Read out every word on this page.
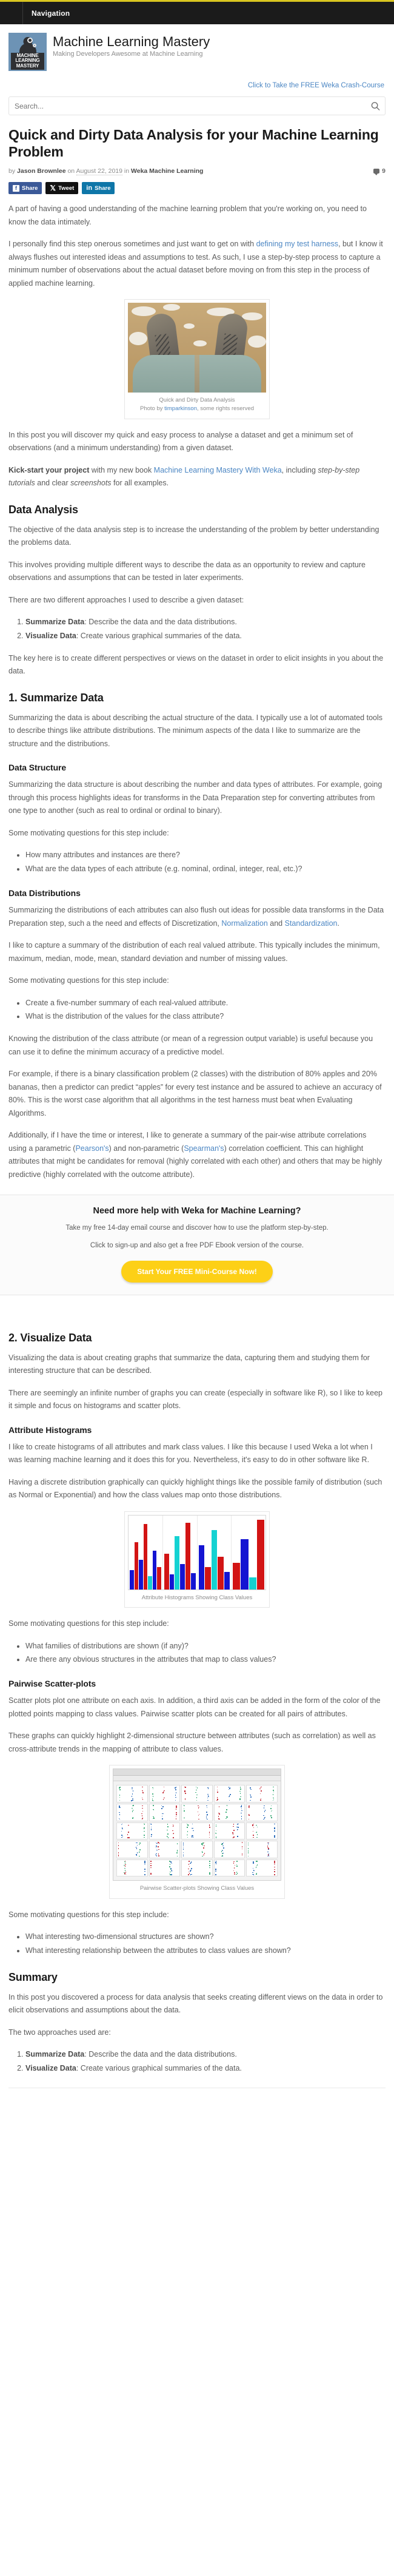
Navigation
MACHINE
LEARNING
MASTERY
Machine Learning Mastery
Making Developers Awesome at Machine Learning
Click to Take the FREE Weka Crash-Course
Search...
Quick and Dirty Data Analysis for your Machine Learning Problem
by Jason Brownlee on August 22, 2019 in Weka Machine Learning	9
f Share 𝕏 Tweet in Share

A part of having a good understanding of the machine learning problem that you're working on, you need to know the data intimately.

I personally find this step onerous sometimes and just want to get on with defining my test harness, but I know it always flushes out interested ideas and assumptions to test. As such, I use a step-by-step process to capture a minimum number of observations about the actual dataset before moving on from this step in the process of applied machine learning.

Quick and Dirty Data Analysis
Photo by timparkinson, some rights reserved

In this post you will discover my quick and easy process to analyse a dataset and get a minimum set of observations (and a minimum understanding) from a given dataset.

Kick-start your project with my new book Machine Learning Mastery With Weka, including step-by-step tutorials and clear screenshots for all examples.

Data Analysis

The objective of the data analysis step is to increase the understanding of the problem by better understanding the problems data.

This involves providing multiple different ways to describe the data as an opportunity to review and capture observations and assumptions that can be tested in later experiments.

There are two different approaches I used to describe a given dataset:

1. Summarize Data: Describe the data and the data distributions.
2. Visualize Data: Create various graphical summaries of the data.

The key here is to create different perspectives or views on the dataset in order to elicit insights in you about the data.

1. Summarize Data

Summarizing the data is about describing the actual structure of the data. I typically use a lot of automated tools to describe things like attribute distributions. The minimum aspects of the data I like to summarize are the structure and the distributions.

Data Structure

Summarizing the data structure is about describing the number and data types of attributes. For example, going through this process highlights ideas for transforms in the Data Preparation step for converting attributes from one type to another (such as real to ordinal or ordinal to binary).

Some motivating questions for this step include:

• How many attributes and instances are there?
• What are the data types of each attribute (e.g. nominal, ordinal, integer, real, etc.)?
Data Distributions

Summarizing the distributions of each attributes can also flush out ideas for possible data transforms in the Data Preparation step, such a the need and effects of Discretization, Normalization and Standardization.

I like to capture a summary of the distribution of each real valued attribute. This typically includes the minimum, maximum, median, mode, mean, standard deviation and number of missing values.

Some motivating questions for this step include:

• Create a five-number summary of each real-valued attribute.
• What is the distribution of the values for the class attribute?

Knowing the distribution of the class attribute (or mean of a regression output variable) is useful because you can use it to define the minimum accuracy of a predictive model.

For example, if there is a binary classification problem (2 classes) with the distribution of 80% apples and 20% bananas, then a predictor can predict “apples” for every test instance and be assured to achieve an accuracy of 80%. This is the worst case algorithm that all algorithms in the test harness must beat when Evaluating Algorithms.

Additionally, if I have the time or interest, I like to generate a summary of the pair-wise attribute correlations using a parametric (Pearson's) and non-parametric (Spearman's) correlation coefficient. This can highlight attributes that might be candidates for removal (highly correlated with each other) and others that may be highly predictive (highly correlated with the outcome attribute).

Need more help with Weka for Machine Learning?

Take my free 14-day email course and discover how to use the platform step-by-step.

Click to sign-up and also get a free PDF Ebook version of the course.

Start Your FREE Mini-Course Now!
2. Visualize Data

Visualizing the data is about creating graphs that summarize the data, capturing them and studying them for interesting structure that can be described.

There are seemingly an infinite number of graphs you can create (especially in software like R), so I like to keep it simple and focus on histograms and scatter plots.

Attribute Histograms

I like to create histograms of all attributes and mark class values. I like this because I used Weka a lot when I was learning machine learning and it does this for you. Nevertheless, it's easy to do in other software like R.

Having a discrete distribution graphically can quickly highlight things like the possible family of distribution (such as Normal or Exponential) and how the class values map onto those distributions.

Attribute Histograms Showing Class Values

Some motivating questions for this step include:

• What families of distributions are shown (if any)?
• Are there any obvious structures in the attributes that map to class values?
Pairwise Scatter-plots

Scatter plots plot one attribute on each axis. In addition, a third axis can be added in the form of the color of the plotted points mapping to class values. Pairwise scatter plots can be created for all pairs of attributes.

These graphs can quickly highlight 2-dimensional structure between attributes (such as correlation) as well as cross-attribute trends in the mapping of attribute to class values.

Pairwise Scatter-plots Showing Class Values

Some motivating questions for this step include:

• What interesting two-dimensional structures are shown?
• What interesting relationship between the attributes to class values are shown?
Summary

In this post you discovered a process for data analysis that seeks creating different views on the data in order to elicit observations and assumptions about the data.

The two approaches used are:

1. Summarize Data: Describe the data and the data distributions.
2. Visualize Data: Create various graphical summaries of the data.
